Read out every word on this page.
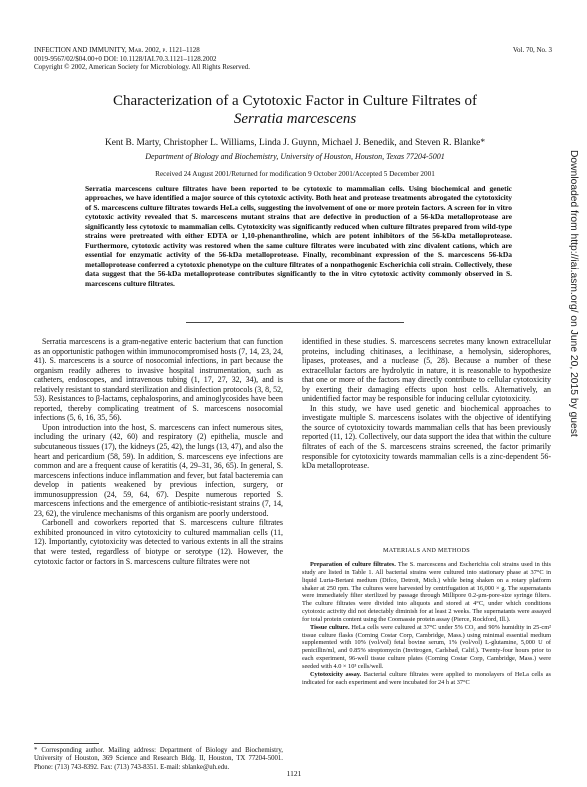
INFECTION AND IMMUNITY, Mar. 2002, p. 1121–1128
0019-9567/02/$04.00+0 DOI: 10.1128/IAI.70.3.1121–1128.2002
Copyright © 2002, American Society for Microbiology. All Rights Reserved.
Vol. 70, No. 3
Characterization of a Cytotoxic Factor in Culture Filtrates of
Serratia marcescens
Kent B. Marty, Christopher L. Williams, Linda J. Guynn, Michael J. Benedik, and Steven R. Blanke*
Department of Biology and Biochemistry, University of Houston, Houston, Texas 77204-5001
Received 24 August 2001/Returned for modification 9 October 2001/Accepted 5 December 2001
Serratia marcescens culture filtrates have been reported to be cytotoxic to mammalian cells. Using biochemical and genetic approaches, we have identified a major source of this cytotoxic activity. Both heat and protease treatments abrogated the cytotoxicity of S. marcescens culture filtrates towards HeLa cells, suggesting the involvement of one or more protein factors. A screen for in vitro cytotoxic activity revealed that S. marcescens mutant strains that are defective in production of a 56-kDa metalloprotease are significantly less cytotoxic to mammalian cells. Cytotoxicity was significantly reduced when culture filtrates prepared from wild-type strains were pretreated with either EDTA or 1,10-phenanthroline, which are potent inhibitors of the 56-kDa metalloprotease. Furthermore, cytotoxic activity was restored when the same culture filtrates were incubated with zinc divalent cations, which are essential for enzymatic activity of the 56-kDa metalloprotease. Finally, recombinant expression of the S. marcescens 56-kDa metalloprotease conferred a cytotoxic phenotype on the culture filtrates of a nonpathogenic Escherichia coli strain. Collectively, these data suggest that the 56-kDa metalloprotease contributes significantly to the in vitro cytotoxic activity commonly observed in S. marcescens culture filtrates.

Serratia marcescens is a gram-negative enteric bacterium that can function as an opportunistic pathogen within immunocompromised hosts (7, 14, 23, 24, 41). S. marcescens is a source of nosocomial infections, in part because the organism readily adheres to invasive hospital instrumentation, such as catheters, endoscopes, and intravenous tubing (1, 17, 27, 32, 34), and is relatively resistant to standard sterilization and disinfection protocols (3, 8, 52, 53). Resistances to β-lactams, cephalosporins, and aminoglycosides have been reported, thereby complicating treatment of S. marcescens nosocomial infections (5, 6, 16, 35, 56).

Upon introduction into the host, S. marcescens can infect numerous sites, including the urinary (42, 60) and respiratory (2) epithelia, muscle and subcutaneous tissues (17), the kidneys (25, 42), the lungs (13, 47), and also the heart and pericardium (58, 59). In addition, S. marcescens eye infections are common and are a frequent cause of keratitis (4, 29–31, 36, 65). In general, S. marcescens infections induce inflammation and fever, but fatal bacteremia can develop in patients weakened by previous infection, surgery, or immunosuppression (24, 59, 64, 67). Despite numerous reported S. marcescens infections and the emergence of antibiotic-resistant strains (7, 14, 23, 62), the virulence mechanisms of this organism are poorly understood.

Carbonell and coworkers reported that S. marcescens culture filtrates exhibited pronounced in vitro cytotoxicity to cultured mammalian cells (11, 12). Importantly, cytotoxicity was detected to various extents in all the strains that were tested, regardless of biotype or serotype (12). However, the cytotoxic factor or factors in S. marcescens culture filtrates were not

identified in these studies. S. marcescens secretes many known extracellular proteins, including chitinases, a lecithinase, a hemolysin, siderophores, lipases, proteases, and a nuclease (5, 28). Because a number of these extracellular factors are hydrolytic in nature, it is reasonable to hypothesize that one or more of the factors may directly contribute to cellular cytotoxicity by exerting their damaging effects upon host cells. Alternatively, an unidentified factor may be responsible for inducing cellular cytotoxicity.

In this study, we have used genetic and biochemical approaches to investigate multiple S. marcescens isolates with the objective of identifying the source of cytotoxicity towards mammalian cells that has been previously reported (11, 12). Collectively, our data support the idea that within the culture filtrates of each of the S. marcescens strains screened, the factor primarily responsible for cytotoxicity towards mammalian cells is a zinc-dependent 56-kDa metalloprotease.

MATERIALS AND METHODS

Preparation of culture filtrates. The S. marcescens and Escherichia coli strains used in this study are listed in Table 1. All bacterial strains were cultured into stationary phase at 37°C in liquid Luria-Bertani medium (Difco, Detroit, Mich.) while being shaken on a rotary platform shaker at 250 rpm. The cultures were harvested by centrifugation at 16,000 × g. The supernatants were immediately filter sterilized by passage through Millipore 0.2-μm-pore-size syringe filters. The culture filtrates were divided into aliquots and stored at 4°C, under which conditions cytotoxic activity did not detectably diminish for at least 2 weeks. The supernatants were assayed for total protein content using the Coomassie protein assay (Pierce, Rockford, Ill.).

Tissue culture. HeLa cells were cultured at 37°C under 5% CO₂ and 90% humidity in 25-cm² tissue culture flasks (Corning Costar Corp, Cambridge, Mass.) using minimal essential medium supplemented with 10% (vol/vol) fetal bovine serum, 1% (vol/vol) L-glutamine, 5,000 U of penicillin/ml, and 0.85% streptomycin (Invitrogen, Carlsbad, Calif.). Twenty-four hours prior to each experiment, 96-well tissue culture plates (Corning Costar Corp, Cambridge, Mass.) were seeded with 4.0 × 10³ cells/well.

Cytotoxicity assay. Bacterial culture filtrates were applied to monolayers of HeLa cells as indicated for each experiment and were incubated for 24 h at 37°C

* Corresponding author. Mailing address: Department of Biology and Biochemistry, University of Houston, 369 Science and Research Bldg. II, Houston, TX 77204-5001. Phone: (713) 743-8392. Fax: (713) 743-8351. E-mail: sblanke@uh.edu.
1121
Downloaded from http://iai.asm.org/ on June 20, 2015 by guest
